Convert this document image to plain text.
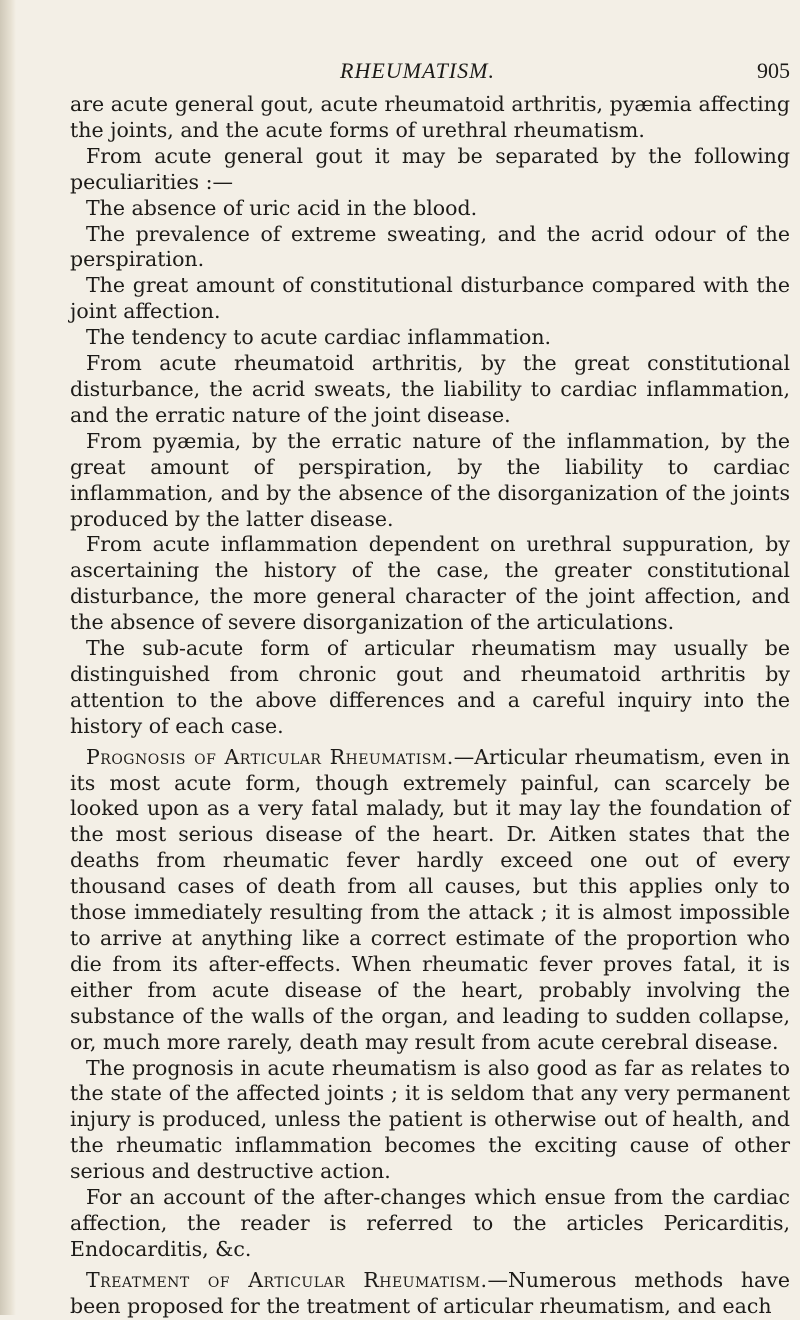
RHEUMATISM.	905

are acute general gout, acute rheumatoid arthritis, pyæmia affecting the joints, and the acute forms of urethral rheumatism.

From acute general gout it may be separated by the following peculiarities :—

The absence of uric acid in the blood.

The prevalence of extreme sweating, and the acrid odour of the perspiration.

The great amount of constitutional disturbance compared with the joint affection.

The tendency to acute cardiac inflammation.

From acute rheumatoid arthritis, by the great constitutional disturbance, the acrid sweats, the liability to cardiac inflammation, and the erratic nature of the joint disease.

From pyæmia, by the erratic nature of the inflammation, by the great amount of perspiration, by the liability to cardiac inflammation, and by the absence of the disorganization of the joints produced by the latter disease.

From acute inflammation dependent on urethral suppuration, by ascertaining the history of the case, the greater constitutional disturbance, the more general character of the joint affection, and the absence of severe disorganization of the articulations.

The sub-acute form of articular rheumatism may usually be distinguished from chronic gout and rheumatoid arthritis by attention to the above differences and a careful inquiry into the history of each case.

Prognosis of Articular Rheumatism.—Articular rheumatism, even in its most acute form, though extremely painful, can scarcely be looked upon as a very fatal malady, but it may lay the foundation of the most serious disease of the heart. Dr. Aitken states that the deaths from rheumatic fever hardly exceed one out of every thousand cases of death from all causes, but this applies only to those immediately resulting from the attack ; it is almost impossible to arrive at anything like a correct estimate of the proportion who die from its after-effects. When rheumatic fever proves fatal, it is either from acute disease of the heart, probably involving the substance of the walls of the organ, and leading to sudden collapse, or, much more rarely, death may result from acute cerebral disease.

The prognosis in acute rheumatism is also good as far as relates to the state of the affected joints ; it is seldom that any very permanent injury is produced, unless the patient is otherwise out of health, and the rheumatic inflammation becomes the exciting cause of other serious and destructive action.

For an account of the after-changes which ensue from the cardiac affection, the reader is referred to the articles Pericarditis, Endocarditis, &c.

Treatment of Articular Rheumatism.—Numerous methods have been proposed for the treatment of articular rheumatism, and each
